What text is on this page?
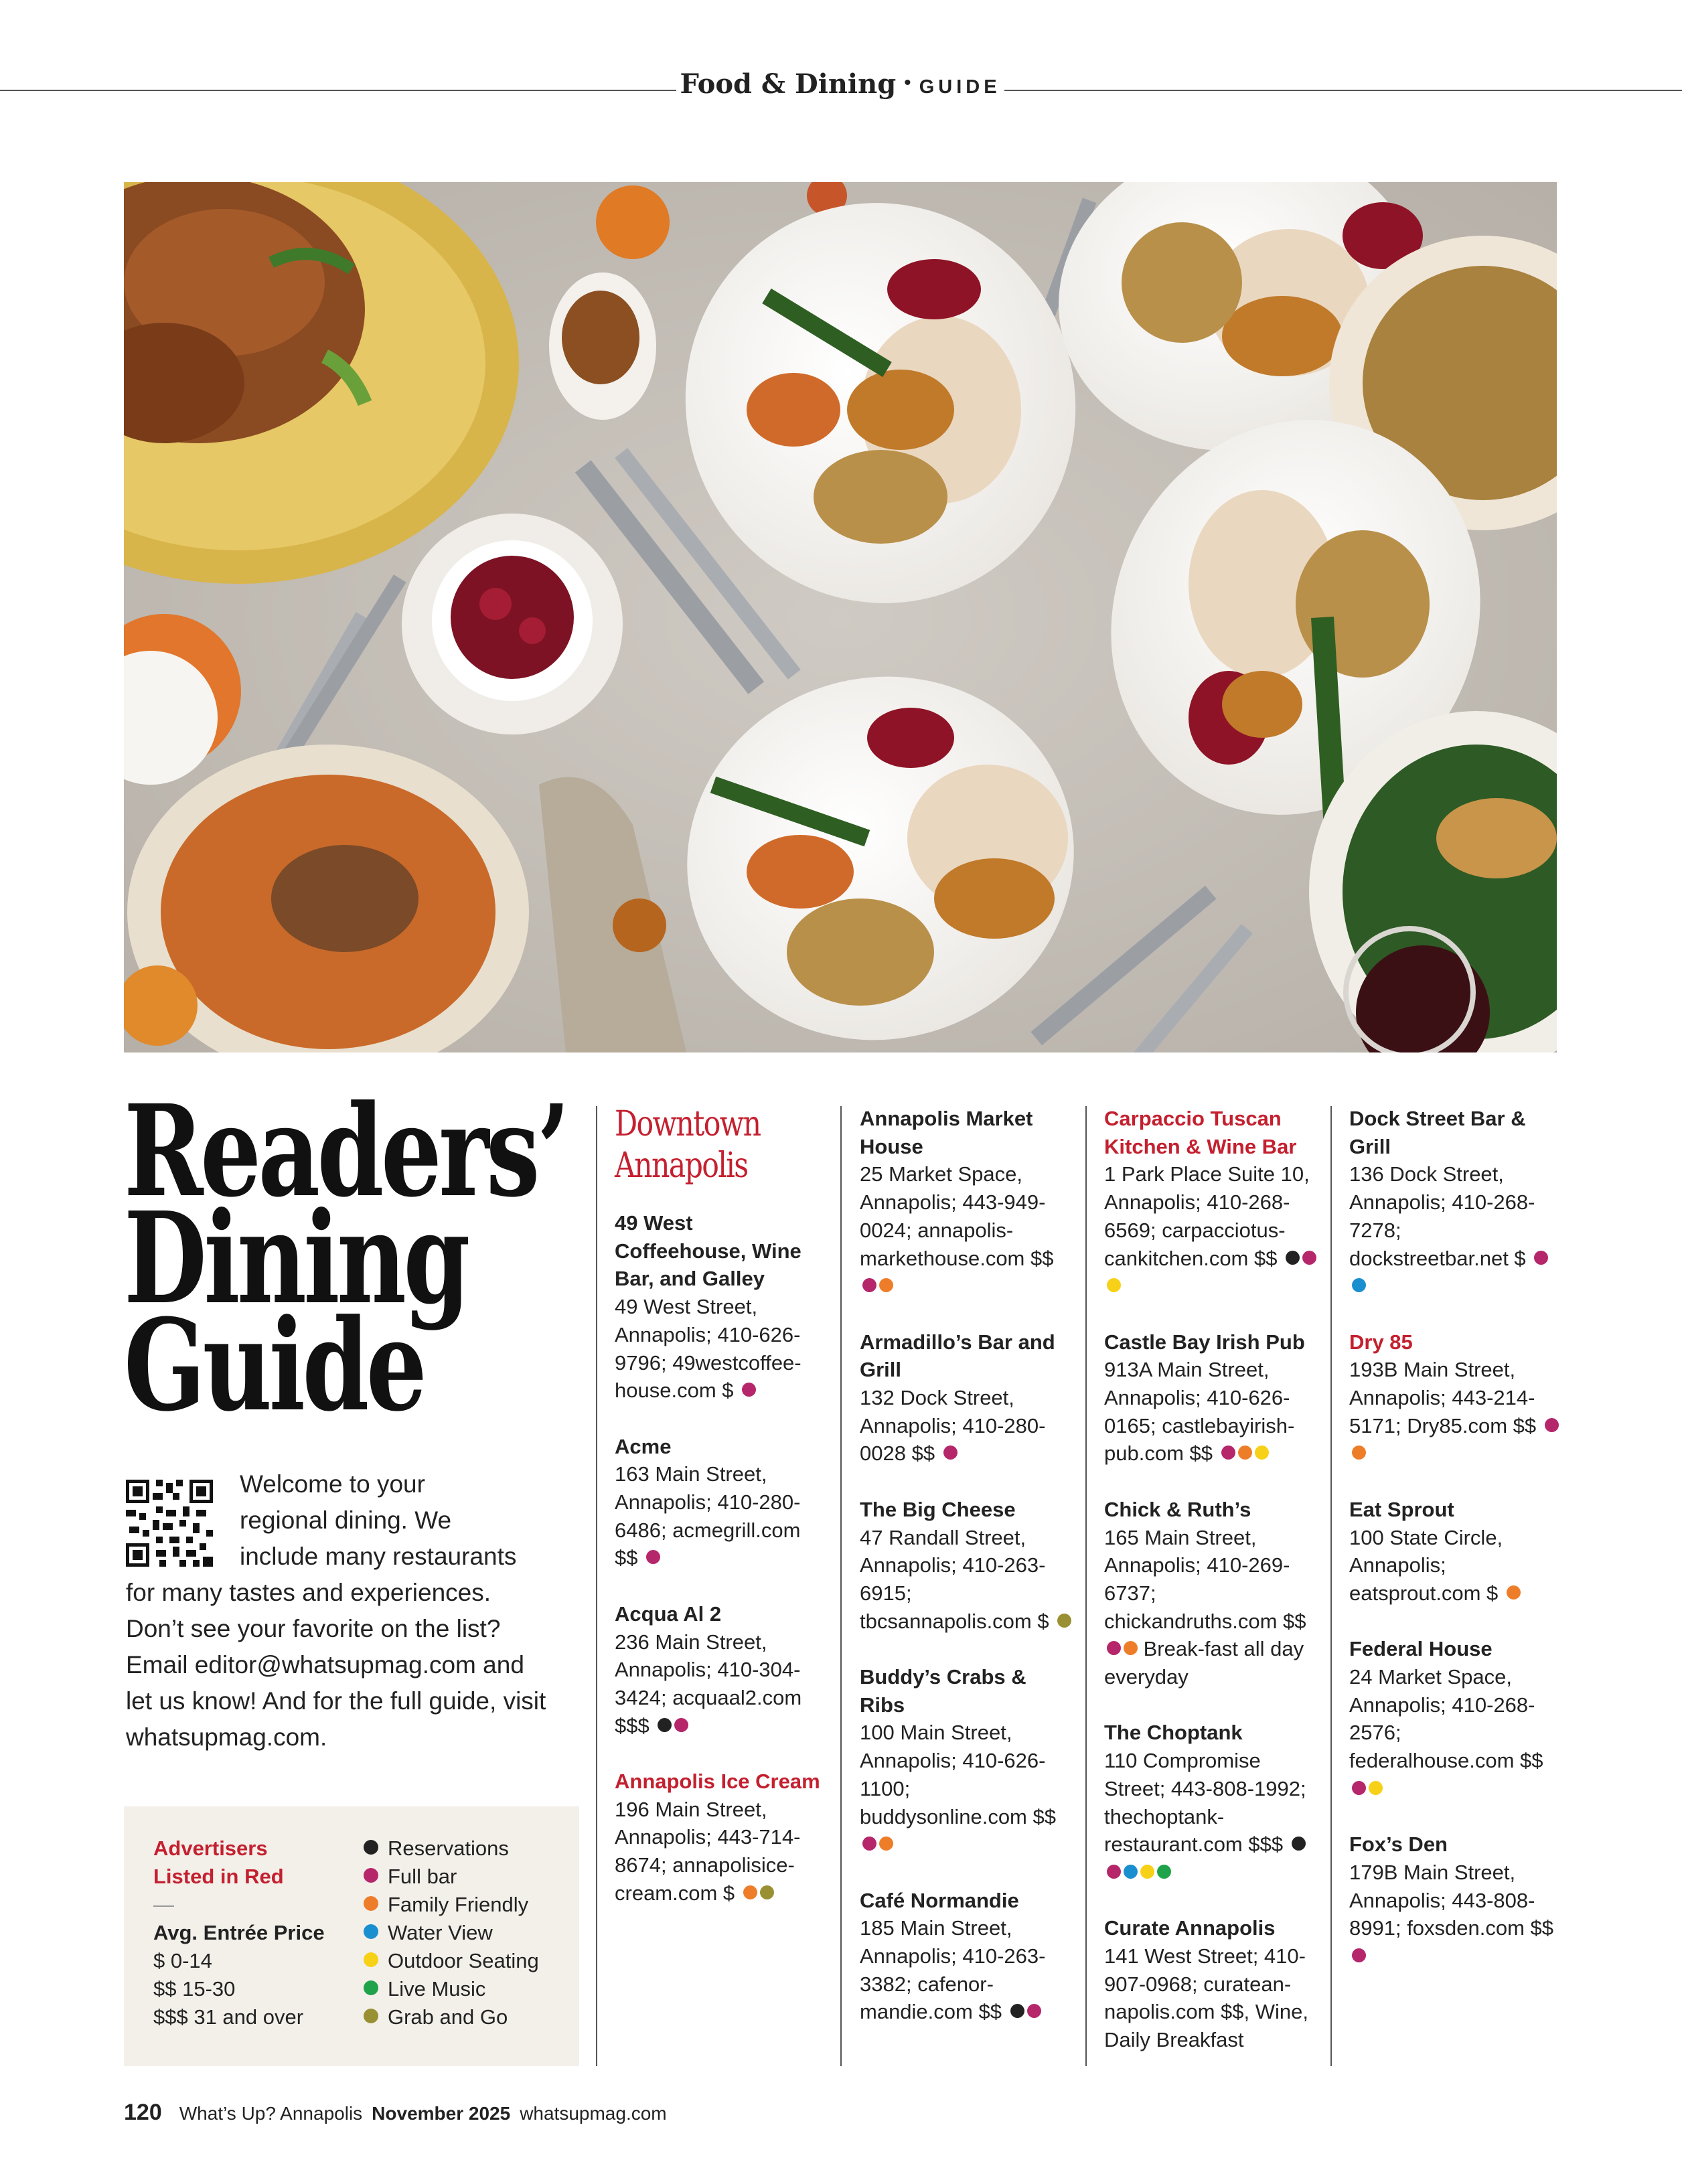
Food & Dining • GUIDE
Readers’
Dining
Guide
Welcome to your
regional dining. We
include many restaurants
for many tastes and experiences. Don’t see your favorite on the list? Email editor@whatsupmag.com and let us know! And for the full guide, visit whatsupmag.com.
Advertisers Listed in Red
—
Avg. Entrée Price
$ 0-14
$$ 15-30
$$$ 31 and over
Reservations
Full bar
Family Friendly
Water View
Outdoor Seating
Live Music
Grab and Go
Downtown
Annapolis
49 West Coffeehouse, Wine Bar, and Galley
49 West Street, Annapolis; 410-626-9796; 49westcoffee-house.com $
Acme
163 Main Street, Annapolis; 410-280-6486; acmegrill.com $$
Acqua Al 2
236 Main Street, Annapolis; 410-304-3424; acquaal2.com $$$
Annapolis Ice Cream
196 Main Street, Annapolis; 443-714-8674; annapolisice-cream.com $
Annapolis Market House
25 Market Space, Annapolis; 443-949-0024; annapolis-markethouse.com $$
Armadillo’s Bar and Grill
132 Dock Street, Annapolis; 410-280-0028 $$
The Big Cheese
47 Randall Street, Annapolis; 410-263-6915; tbcsannapolis.com $
Buddy’s Crabs & Ribs
100 Main Street, Annapolis; 410-626-1100; buddysonline.com $$
Café Normandie
185 Main Street, Annapolis; 410-263-3382; cafenor-mandie.com $$
Carpaccio Tuscan Kitchen & Wine Bar
1 Park Place Suite 10, Annapolis; 410-268-6569; carpacciotus-cankitchen.com $$
Castle Bay Irish Pub
913A Main Street, Annapolis; 410-626-0165; castlebayirish-pub.com $$
Chick & Ruth’s
165 Main Street, Annapolis; 410-269-6737; chickandruths.com $$  Break-fast all day everyday
The Choptank
110 Compromise Street; 443-808-1992; thechoptank-restaurant.com $$$
Curate Annapolis
141 West Street; 410-907-0968; curatean-napolis.com $$, Wine, Daily Breakfast
Dock Street Bar & Grill
136 Dock Street, Annapolis; 410-268-7278; dockstreetbar.net $
Dry 85
193B Main Street, Annapolis; 443-214-5171; Dry85.com $$
Eat Sprout
100 State Circle, Annapolis; eatsprout.com $
Federal House
24 Market Space, Annapolis; 410-268-2576; federalhouse.com $$
Fox’s Den
179B Main Street, Annapolis; 443-808-8991; foxsden.com $$
120 What’s Up? Annapolis November 2025 whatsupmag.com
